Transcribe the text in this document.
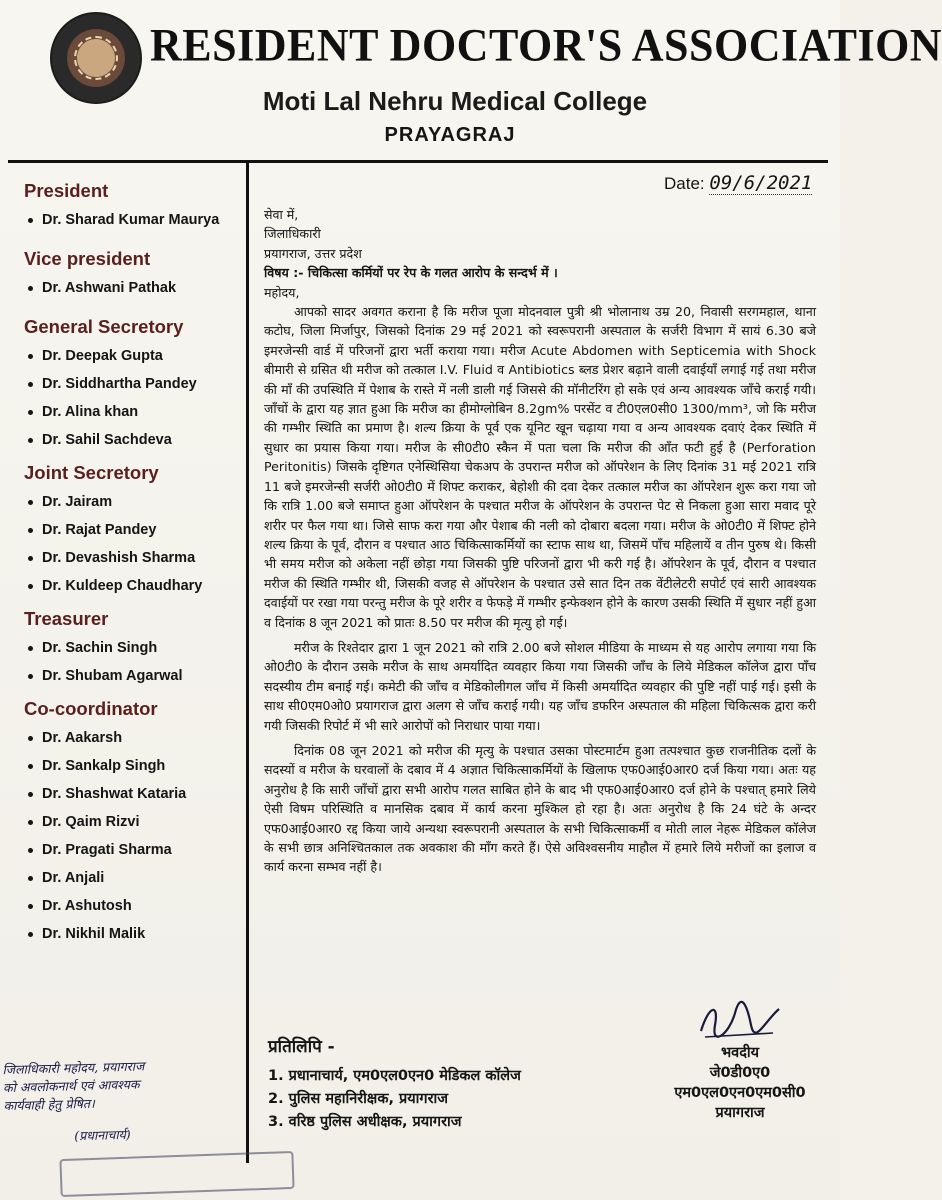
RESIDENT DOCTOR'S ASSOCIATION
Moti Lal Nehru Medical College
PRAYAGRAJ
President
Dr. Sharad Kumar Maurya
Vice president
Dr. Ashwani Pathak
General Secretory
Dr. Deepak Gupta
Dr. Siddhartha Pandey
Dr. Alina khan
Dr. Sahil Sachdeva
Joint Secretory
Dr. Jairam
Dr. Rajat Pandey
Dr. Devashish Sharma
Dr. Kuldeep Chaudhary
Treasurer
Dr. Sachin Singh
Dr. Shubam Agarwal
Co-coordinator
Dr. Aakarsh
Dr. Sankalp Singh
Dr. Shashwat Kataria
Dr. Qaim Rizvi
Dr. Pragati Sharma
Dr. Anjali
Dr. Ashutosh
Dr. Nikhil Malik
Date: 09/6/2021

सेवा में,

जिलाधिकारी

प्रयागराज, उत्तर प्रदेश

विषय :- चिकित्सा कर्मियों पर रेप के गलत आरोप के सन्दर्भ में ।

महोदय,

आपको सादर अवगत कराना है कि मरीज पूजा मोदनवाल पुत्री श्री भोलानाथ उम्र 20, निवासी सरगमहाल, थाना कटोघ, जिला मिर्जापुर, जिसको दिनांक 29 मई 2021 को स्वरूपरानी अस्पताल के सर्जरी विभाग में सायं 6.30 बजे इमरजेन्सी वार्ड में परिजनों द्वारा भर्ती कराया गया। मरीज Acute Abdomen with Septicemia with Shock बीमारी से ग्रसित थी मरीज को तत्काल I.V. Fluid व Antibiotics ब्लड प्रेशर बढ़ाने वाली दवाईयाँ लगाई गई तथा मरीज की माँ की उपस्थिति में पेशाब के रास्ते में नली डाली गई जिससे की मॉनीटरिंग हो सके एवं अन्य आवश्यक जाँचे कराई गयी। जाँचों के द्वारा यह ज्ञात हुआ कि मरीज का हीमोग्लोबिन 8.2gm% परसेंट व टी0एल0सी0 1300/mm³, जो कि मरीज की गम्भीर स्थिति का प्रमाण है। शल्य क्रिया के पूर्व एक यूनिट खून चढ़ाया गया व अन्य आवश्यक दवाएं देकर स्थिति में सुधार का प्रयास किया गया। मरीज के सी0टी0 स्कैन में पता चला कि मरीज की आँत फटी हुई है (Perforation Peritonitis) जिसके दृष्टिगत एनेस्थिसिया चेकअप के उपरान्त मरीज को ऑपरेशन के लिए दिनांक 31 मई 2021 रात्रि 11 बजे इमरजेन्सी सर्जरी ओ0टी0 में शिफ्ट कराकर, बेहोशी की दवा देकर तत्काल मरीज का ऑपरेशन शुरू करा गया जो कि रात्रि 1.00 बजे समाप्त हुआ ऑपरेशन के पश्चात मरीज के ऑपरेशन के उपरान्त पेट से निकला हुआ सारा मवाद पूरे शरीर पर फैल गया था। जिसे साफ करा गया और पेशाब की नली को दोबारा बदला गया। मरीज के ओ0टी0 में शिफ्ट होने शल्य क्रिया के पूर्व, दौरान व पश्चात आठ चिकित्साकर्मियों का स्टाफ साथ था, जिसमें पाँच महिलायें व तीन पुरुष थे। किसी भी समय मरीज को अकेला नहीं छोड़ा गया जिसकी पुष्टि परिजनों द्वारा भी करी गई है। ऑपरेशन के पूर्व, दौरान व पश्चात मरीज की स्थिति गम्भीर थी, जिसकी वजह से ऑपरेशन के पश्चात उसे सात दिन तक वेंटीलेटरी सपोर्ट एवं सारी आवश्यक दवाईयों पर रखा गया परन्तु मरीज के पूरे शरीर व फेफड़े में गम्भीर इन्फेक्शन होने के कारण उसकी स्थिति में सुधार नहीं हुआ व दिनांक 8 जून 2021 को प्रातः 8.50 पर मरीज की मृत्यु हो गई।

मरीज के रिश्तेदार द्वारा 1 जून 2021 को रात्रि 2.00 बजे सोशल मीडिया के माध्यम से यह आरोप लगाया गया कि ओ0टी0 के दौरान उसके मरीज के साथ अमर्यादित व्यवहार किया गया जिसकी जाँच के लिये मेडिकल कॉलेज द्वारा पाँच सदस्यीय टीम बनाई गई। कमेटी की जाँच व मेडिकोलीगल जाँच में किसी अमर्यादित व्यवहार की पुष्टि नहीं पाई गई। इसी के साथ सी0एम0ओ0 प्रयागराज द्वारा अलग से जाँच कराई गयी। यह जाँच डफरिन अस्पताल की महिला चिकित्सक द्वारा करी गयी जिसकी रिपोर्ट में भी सारे आरोपों को निराधार पाया गया।

दिनांक 08 जून 2021 को मरीज की मृत्यु के पश्चात उसका पोस्टमार्टम हुआ तत्पश्चात कुछ राजनीतिक दलों के सदस्यों व मरीज के घरवालों के दबाव में 4 अज्ञात चिकित्साकर्मियों के खिलाफ एफ0आई0आर0 दर्ज किया गया। अतः यह अनुरोध है कि सारी जाँचों द्वारा सभी आरोप गलत साबित होने के बाद भी एफ0आई0आर0 दर्ज होने के पश्चात् हमारे लिये ऐसी विषम परिस्थिति व मानसिक दबाव में कार्य करना मुश्किल हो रहा है। अतः अनुरोध है कि 24 घंटे के अन्दर एफ0आई0आर0 रद्द किया जाये अन्यथा स्वरूपरानी अस्पताल के सभी चिकित्साकर्मी व मोती लाल नेहरू मेडिकल कॉलेज के सभी छात्र अनिश्चितकाल तक अवकाश की माँग करते हैं। ऐसे अविश्वसनीय माहौल में हमारे लिये मरीजों का इलाज व कार्य करना सम्भव नहीं है।

प्रतिलिपि -
1. प्रधानाचार्य, एम0एल0एन0 मेडिकल कॉलेज
2. पुलिस महानिरीक्षक, प्रयागराज
3. वरिष्ठ पुलिस अधीक्षक, प्रयागराज
भवदीय
जे0डी0ए0
एम0एल0एन0एम0सी0
प्रयागराज
जिलाधिकारी महोदय, प्रयागराज
को अवलोकनार्थ एवं आवश्यक
कार्यवाही हेतु प्रेषित।
(प्रधानाचार्य)
